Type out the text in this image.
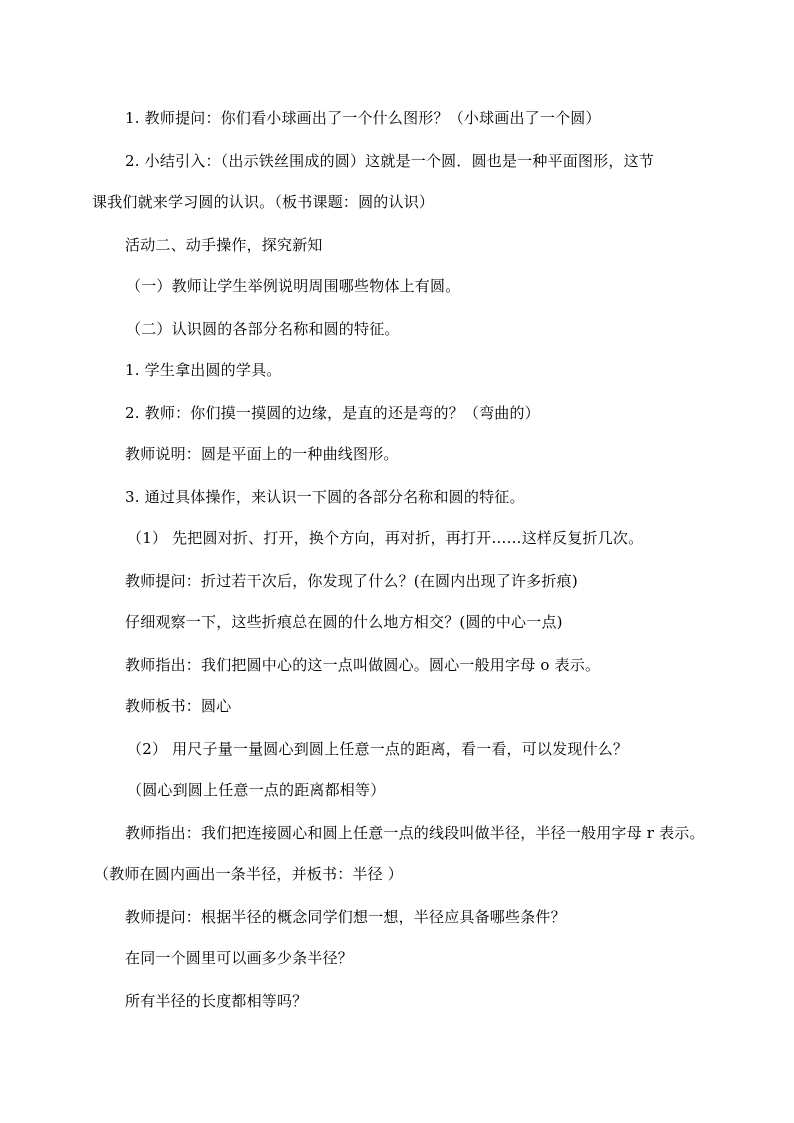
1. 教师提问：你们看小球画出了一个什么图形？（小球画出了一个圆）
2. 小结引入：（出示铁丝围成的圆）这就是一个圆．圆也是一种平面图形，这节
课我们就来学习圆的认识。（板书课题：圆的认识）
活动二、动手操作，探究新知
（一）教师让学生举例说明周围哪些物体上有圆。
（二）认识圆的各部分名称和圆的特征。
1. 学生拿出圆的学具。
2. 教师：你们摸一摸圆的边缘，是直的还是弯的？（弯曲的）
教师说明：圆是平面上的一种曲线图形。
3. 通过具体操作，来认识一下圆的各部分名称和圆的特征。
（1） 先把圆对折、打开，换个方向，再对折，再打开……这样反复折几次。
教师提问：折过若干次后，你发现了什么？(在圆内出现了许多折痕)
仔细观察一下，这些折痕总在圆的什么地方相交？(圆的中心一点)
教师指出：我们把圆中心的这一点叫做圆心。圆心一般用字母 o 表示。
教师板书：圆心
（2） 用尺子量一量圆心到圆上任意一点的距离，看一看，可以发现什么？
（圆心到圆上任意一点的距离都相等）
教师指出：我们把连接圆心和圆上任意一点的线段叫做半径，半径一般用字母 r 表示。
（教师在圆内画出一条半径，并板书：半径 ）
教师提问：根据半径的概念同学们想一想，半径应具备哪些条件？
在同一个圆里可以画多少条半径？
所有半径的长度都相等吗？
